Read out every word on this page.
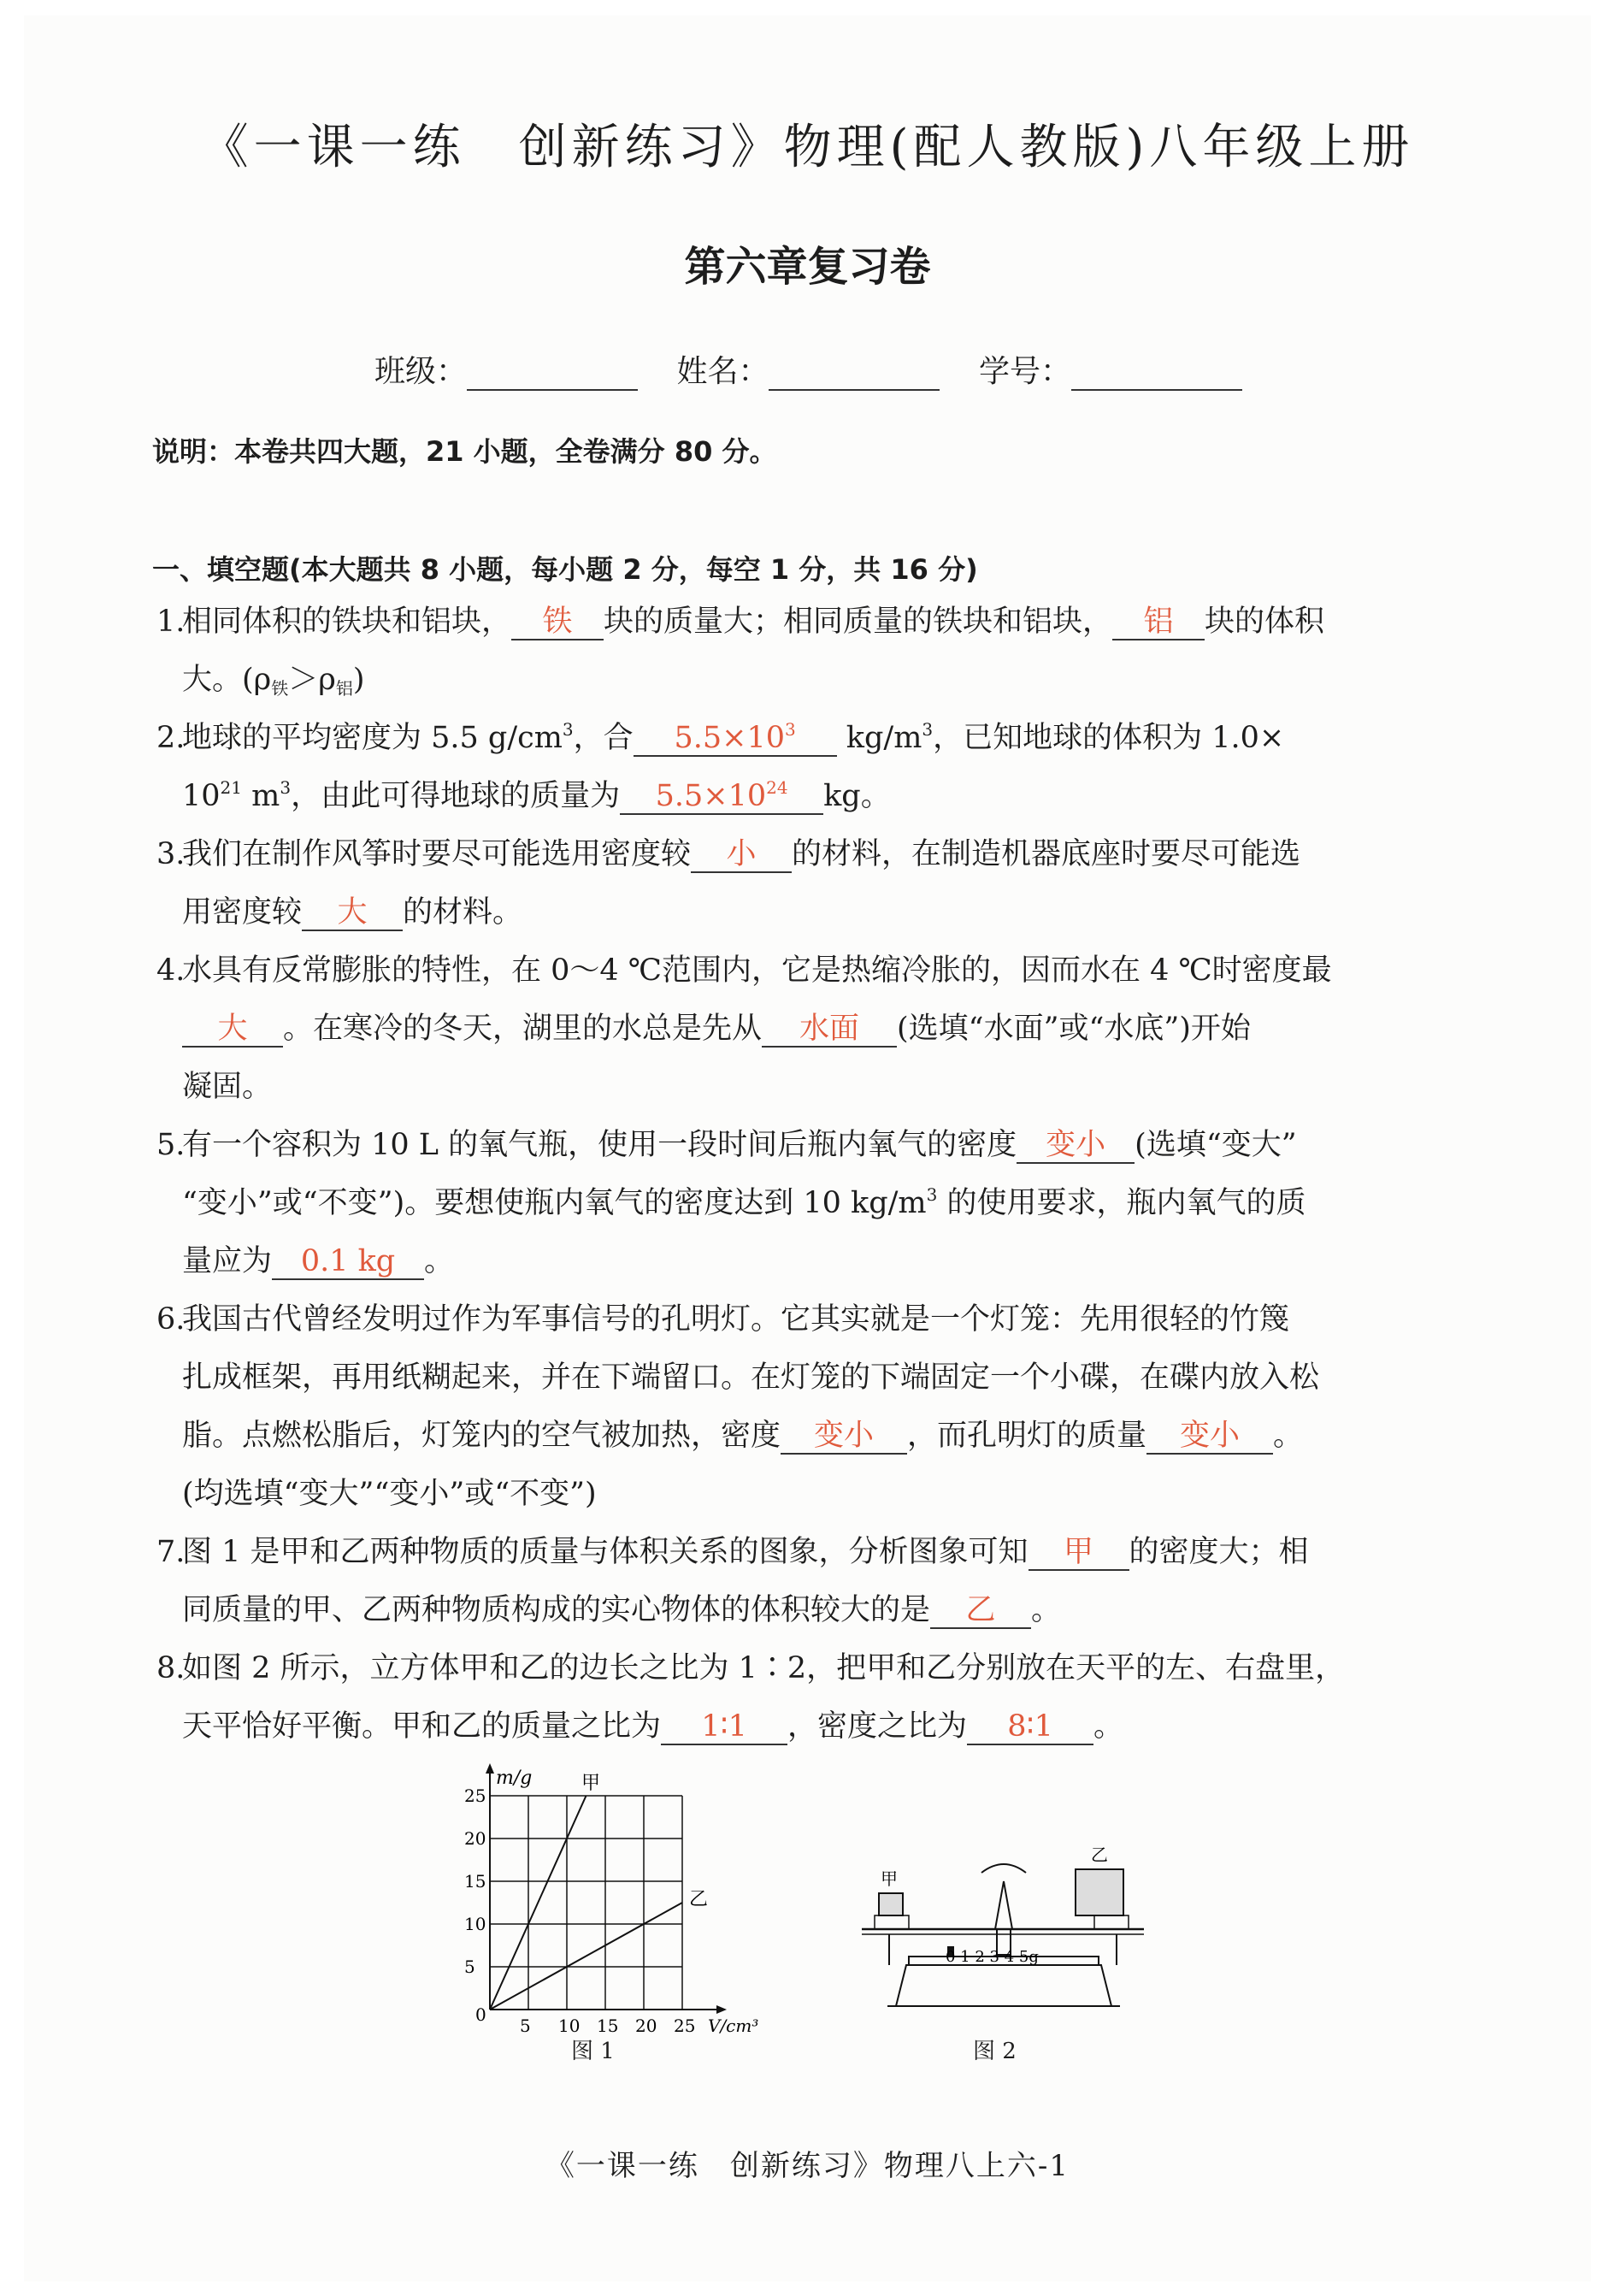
《一课一练　创新练习》物理(配人教版)八年级上册
第六章复习卷
班级：	姓名：	学号：
说明：本卷共四大题，21 小题，全卷满分 80 分。
一、填空题(本大题共 8 小题，每小题 2 分，每空 1 分，共 16 分)
1.
相同体积的铁块和铝块， 铁 块的质量大；相同质量的铁块和铝块， 铝 块的体积
大。$(\rho_铁>\rho_铝)$
2.
地球的平均密度为 5.5 $g/cm^3$，合 $5.5\times 10^3$ $kg/m^3$，已知地球的体积为 1.0×
$10^{21}$ $m^3$，由此可得地球的质量为 $5.5\times 10^{24}$ kg。
3.
我们在制作风筝时要尽可能选用密度较 小 的材料，在制造机器底座时要尽可能选
用密度较 大 的材料。
4.
水具有反常膨胀的特性，在 0～4 ℃范围内，它是热缩冷胀的，因而水在 4 ℃时密度最
大 。在寒冷的冬天，湖里的水总是先从 水面 (选填“水面”或“水底”)开始
凝固。
5.
有一个容积为 10 L 的氧气瓶，使用一段时间后瓶内氧气的密度 变小 (选填“变大”
“变小”或“不变”)。要想使瓶内氧气的密度达到 10 $kg/m^3$ 的使用要求，瓶内氧气的质
量应为 0.1 kg 。
6.
我国古代曾经发明过作为军事信号的孔明灯。它其实就是一个灯笼：先用很轻的竹篾
扎成框架，再用纸糊起来，并在下端留口。在灯笼的下端固定一个小碟，在碟内放入松
脂。点燃松脂后，灯笼内的空气被加热，密度 变小 ，而孔明灯的质量 变小 。
(均选填“变大”“变小”或“不变”)
7.
图 1 是甲和乙两种物质的质量与体积关系的图象，分析图象可知 甲 的密度大；相
同质量的甲、乙两种物质构成的实心物体的体积较大的是 乙 。
8.
如图 2 所示，立方体甲和乙的边长之比为 1∶2，把甲和乙分别放在天平的左、右盘里，
天平恰好平衡。甲和乙的质量之比为 1∶1 ，密度之比为 8∶1 。
5 10 15 20 25
5
10
15
20
25
m/g
V/cm³
0
甲
乙
图 1
甲
乙
0 1 2 3 4 5g
图 2
《一课一练　创新练习》物理八上六-1
